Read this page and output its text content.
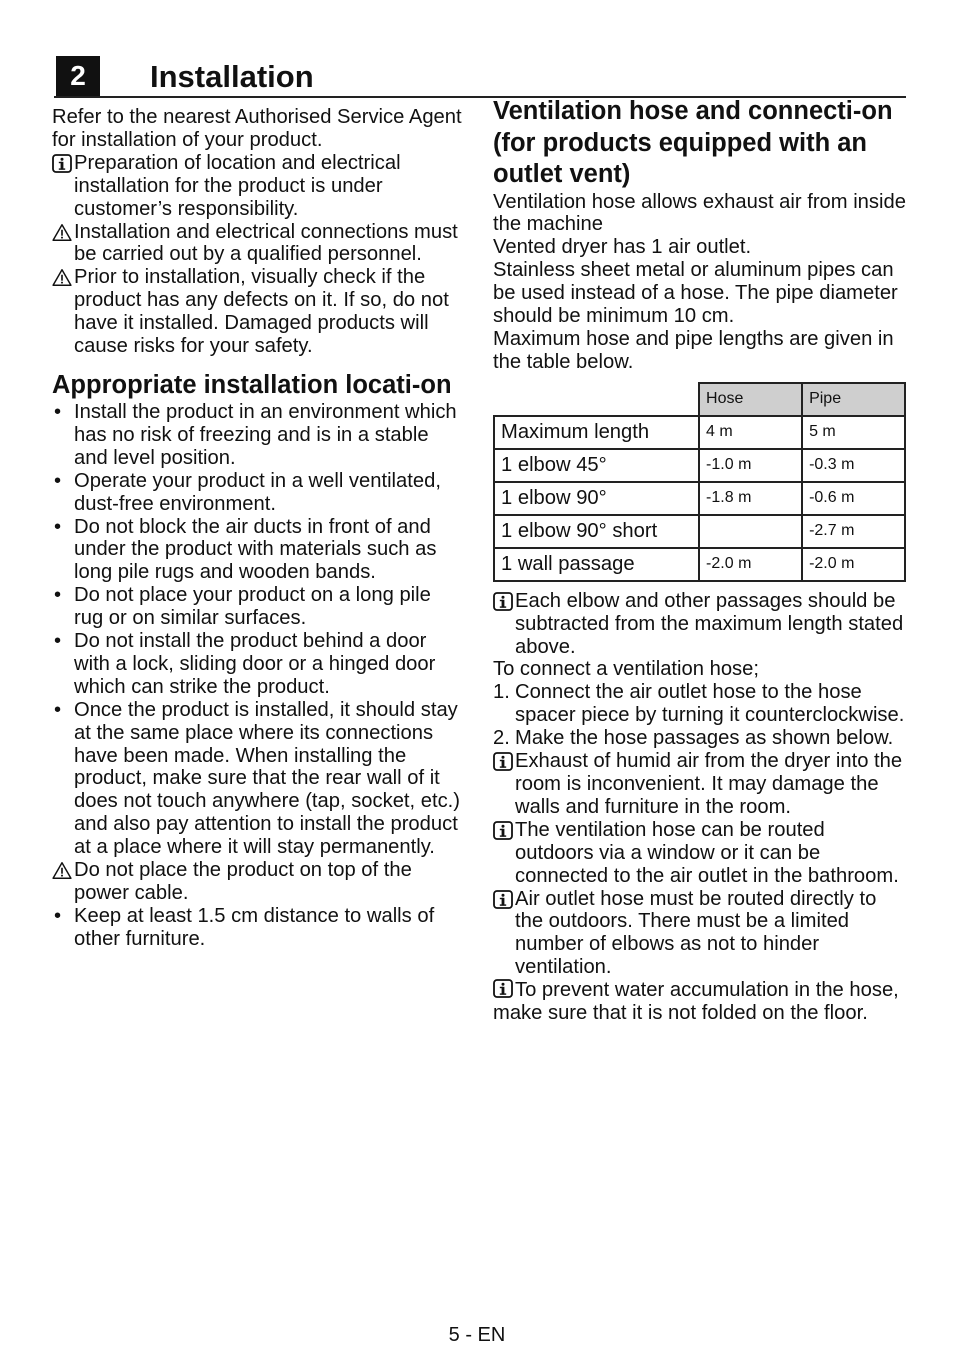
2	Installation

Refer to the nearest Authorised Service Agent for installation of your product.

Preparation of location and electrical installation for the product is under customer’s responsibility.

Installation and electrical connections must be carried out by a qualified personnel.

Prior to installation, visually check if the product has any defects on it. If so, do not have it installed. Damaged products will cause risks for your safety.

Appropriate installation locati-on
• Install the product in an environment which has no risk of freezing and is in a stable and level position.
• Operate your product in a well ventilated, dust-free environment.
• Do not block the air ducts in front of and under the product with materials such as long pile rugs and wooden bands.
• Do not place your product on a long pile rug or on similar surfaces.
• Do not install the product behind a door with a lock, sliding door or a hinged door which can strike the product.
• Once the product is installed, it should stay at the same place where its connections have been made. When installing the product, make sure that the rear wall of it does not touch anywhere (tap, socket, etc.) and also pay attention to install the product at a place where it will stay permanently.

Do not place the product on top of the power cable.

• Keep at least 1.5 cm distance to walls of other furniture.
Ventilation hose and connecti-on (for products equipped with an outlet vent)

Ventilation hose allows exhaust air from inside the machine

Vented dryer has 1 air outlet.

Stainless sheet metal or aluminum pipes can be used instead of a hose. The pipe diameter should be minimum 10 cm.

Maximum hose and pipe lengths are given in the table below.

	Hose	Pipe
Maximum length	4 m	5 m
1 elbow 45°	-1.0 m	-0.3 m
1 elbow 90°	-1.8 m	-0.6 m
1 elbow 90° short		-2.7 m
1 wall passage	-2.0 m	-2.0 m

Each elbow and other passages should be subtracted from the maximum length stated above.

To connect a ventilation hose;

1. Connect the air outlet hose to the hose spacer piece by turning it counterclockwise.
2. Make the hose passages as shown below.

Exhaust of humid air from the dryer into the room is inconvenient. It may damage the walls and furniture in the room.

The ventilation hose can be routed outdoors via a window or it can be connected to the air outlet in the bathroom.

Air outlet hose must be routed directly to the outdoors. There must be a limited number of elbows as not to hinder ventilation.

To prevent water accumulation in the hose, make sure that it is not folded on the floor.

5 - EN
